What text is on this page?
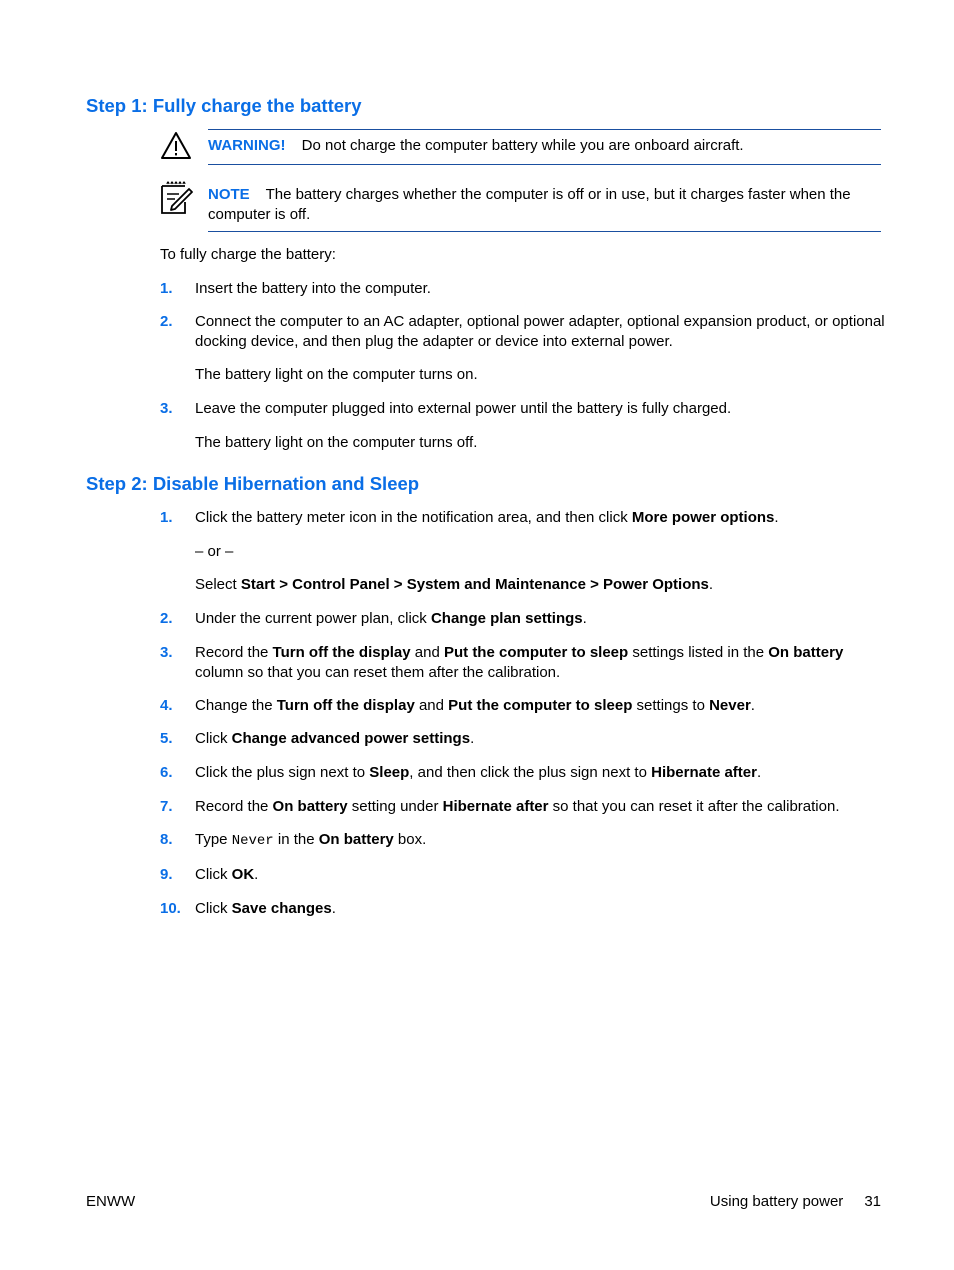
Step 1: Fully charge the battery
WARNING! Do not charge the computer battery while you are onboard aircraft.
NOTE The battery charges whether the computer is off or in use, but it charges faster when the computer is off.
To fully charge the battery:
1. Insert the battery into the computer.
2. Connect the computer to an AC adapter, optional power adapter, optional expansion product, or optional docking device, and then plug the adapter or device into external power.
The battery light on the computer turns on.
3. Leave the computer plugged into external power until the battery is fully charged.
The battery light on the computer turns off.
Step 2: Disable Hibernation and Sleep
1. Click the battery meter icon in the notification area, and then click More power options.
– or –
Select Start > Control Panel > System and Maintenance > Power Options.
2. Under the current power plan, click Change plan settings.
3. Record the Turn off the display and Put the computer to sleep settings listed in the On battery column so that you can reset them after the calibration.
4. Change the Turn off the display and Put the computer to sleep settings to Never.
5. Click Change advanced power settings.
6. Click the plus sign next to Sleep, and then click the plus sign next to Hibernate after.
7. Record the On battery setting under Hibernate after so that you can reset it after the calibration.
8. Type Never in the On battery box.
9. Click OK.
10. Click Save changes.
ENWW	Using battery power 31
